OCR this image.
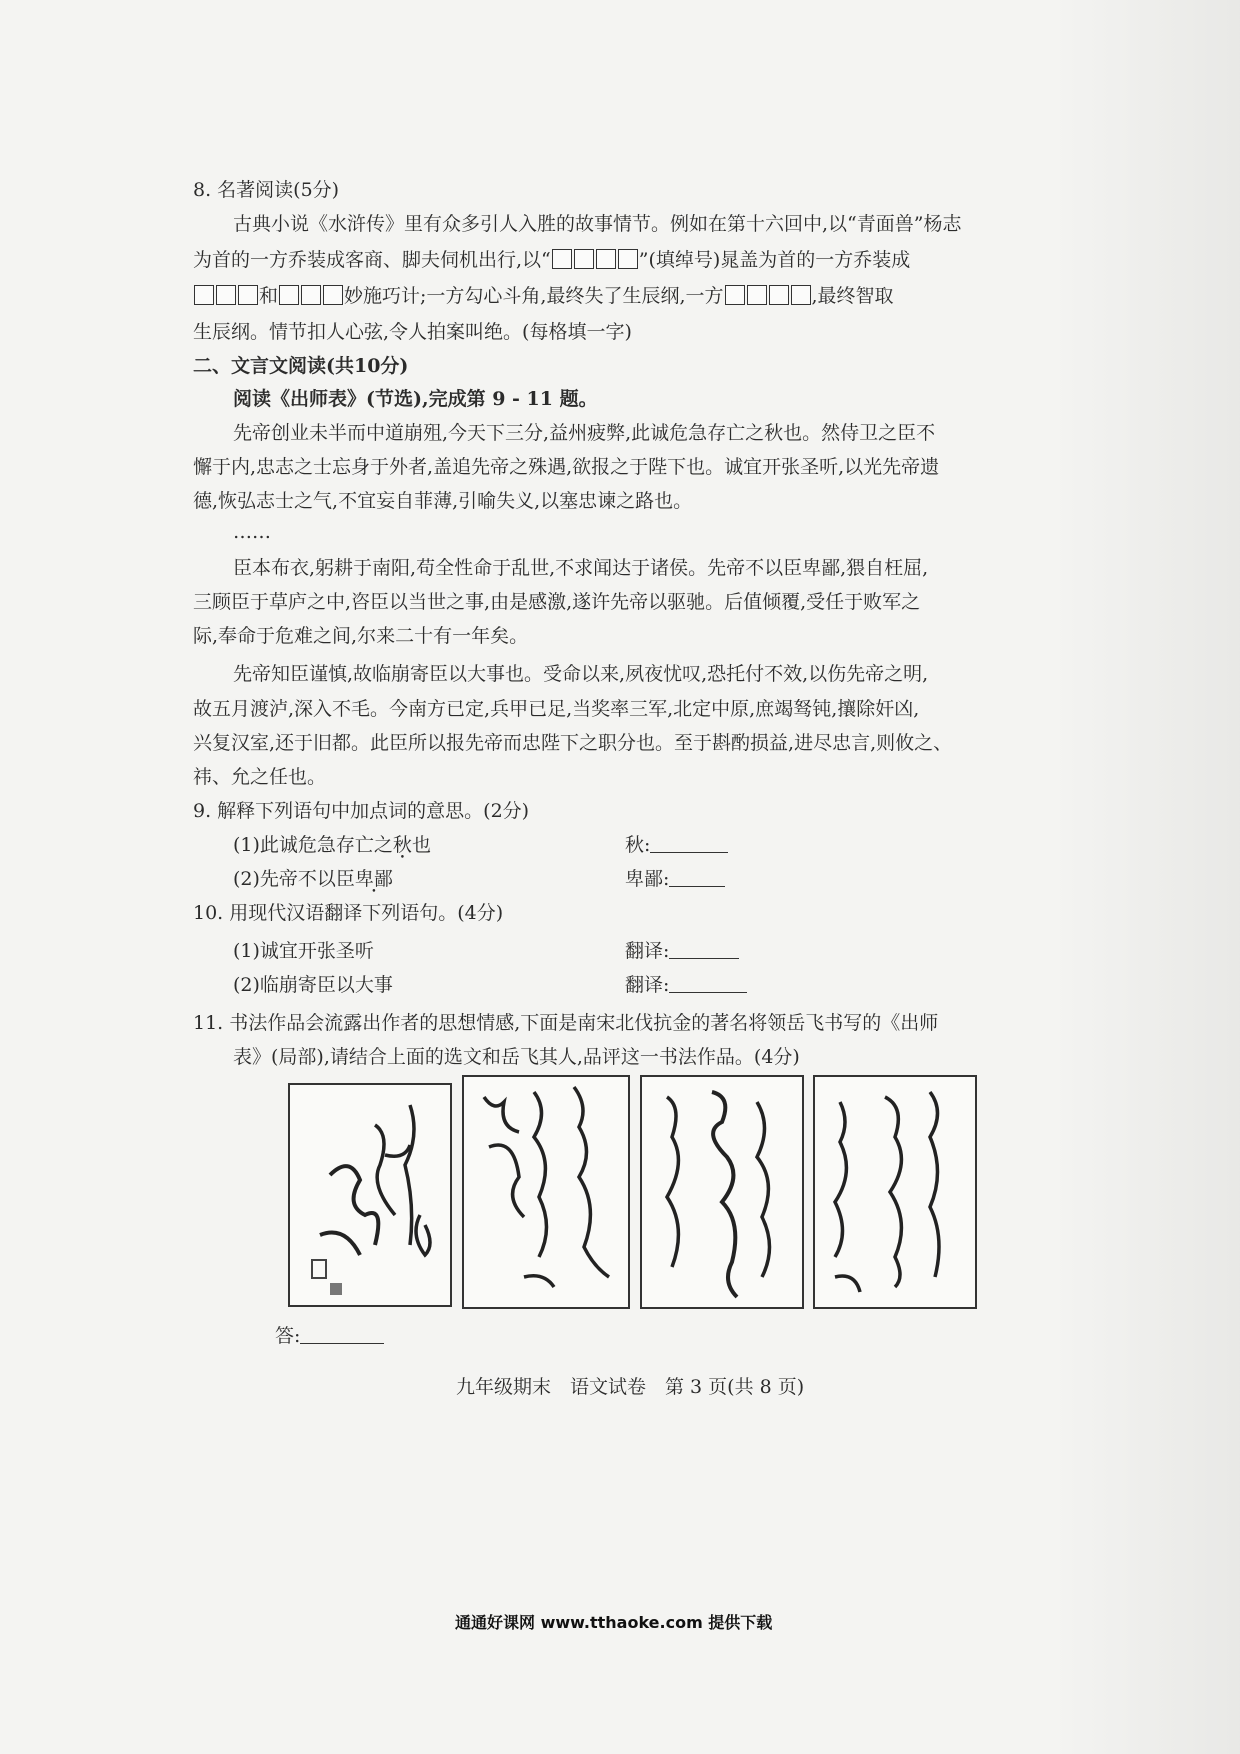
8. 名著阅读(5分)
古典小说《水浒传》里有众多引人入胜的故事情节。例如在第十六回中,以“青面兽”杨志
为首的一方乔装成客商、脚夫伺机出行,以“	”(填绰号)晁盖为首的一方乔装成
和	妙施巧计;一方勾心斗角,最终失了生辰纲,一方	,最终智取
生辰纲。情节扣人心弦,令人拍案叫绝。(每格填一字)
二、文言文阅读(共10分)
阅读《出师表》(节选),完成第 9 - 11 题。
先帝创业未半而中道崩殂,今天下三分,益州疲弊,此诚危急存亡之秋也。然侍卫之臣不
懈于内,忠志之士忘身于外者,盖追先帝之殊遇,欲报之于陛下也。诚宜开张圣听,以光先帝遗
德,恢弘志士之气,不宜妄自菲薄,引喻失义,以塞忠谏之路也。
……
臣本布衣,躬耕于南阳,苟全性命于乱世,不求闻达于诸侯。先帝不以臣卑鄙,猥自枉屈,
三顾臣于草庐之中,咨臣以当世之事,由是感激,遂许先帝以驱驰。后值倾覆,受任于败军之
际,奉命于危难之间,尔来二十有一年矣。
先帝知臣谨慎,故临崩寄臣以大事也。受命以来,夙夜忧叹,恐托付不效,以伤先帝之明,
故五月渡泸,深入不毛。今南方已定,兵甲已足,当奖率三军,北定中原,庶竭驽钝,攘除奸凶,
兴复汉室,还于旧都。此臣所以报先帝而忠陛下之职分也。至于斟酌损益,进尽忠言,则攸之、
祎、允之任也。
9. 解释下列语句中加点词的意思。(2分)
(1)此诚危急存亡之秋也	秋:
(2)先帝不以臣卑鄙	卑鄙:
10. 用现代汉语翻译下列语句。(4分)
(1)诚宜开张圣听	翻译:
(2)临崩寄臣以大事	翻译:
11. 书法作品会流露出作者的思想情感,下面是南宋北伐抗金的著名将领岳飞书写的《出师
表》(局部),请结合上面的选文和岳飞其人,品评这一书法作品。(4分)
答:
九年级期末　语文试卷　第 3 页(共 8 页)
通通好课网 www.tthaoke.com 提供下载
